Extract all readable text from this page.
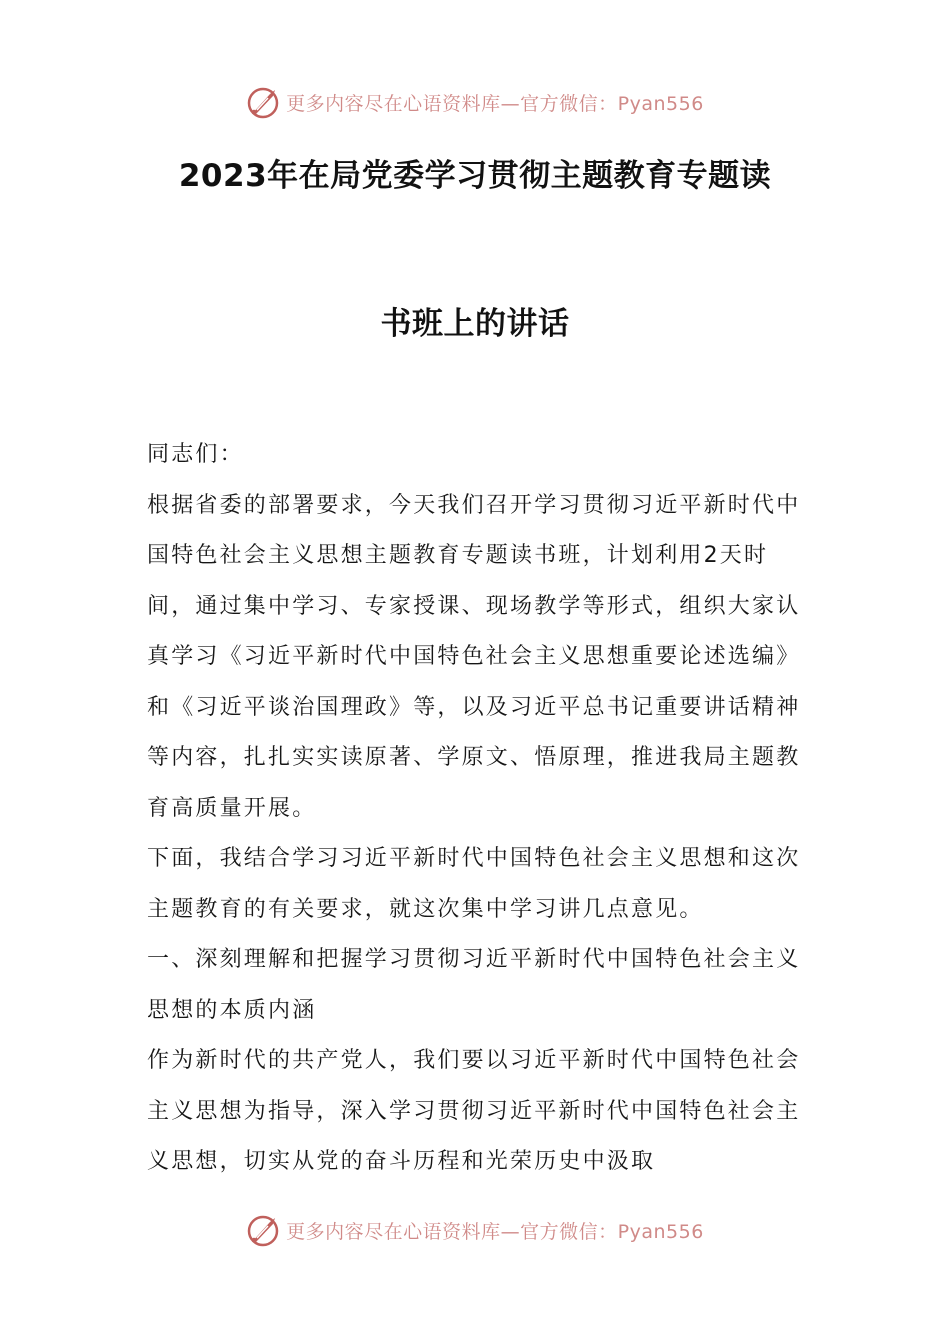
更多内容尽在心语资料库—官方微信：Pyan556
2023年在局党委学习贯彻主题教育专题读
书班上的讲话

同志们：

根据省委的部署要求，今天我们召开学习贯彻习近平新时代中国特色社会主义思想主题教育专题读书班，计划利用2天时间，通过集中学习、专家授课、现场教学等形式，组织大家认真学习《习近平新时代中国特色社会主义思想重要论述选编》和《习近平谈治国理政》等，以及习近平总书记重要讲话精神等内容，扎扎实实读原著、学原文、悟原理，推进我局主题教育高质量开展。

下面，我结合学习习近平新时代中国特色社会主义思想和这次主题教育的有关要求，就这次集中学习讲几点意见。

一、深刻理解和把握学习贯彻习近平新时代中国特色社会主义思想的本质内涵

作为新时代的共产党人，我们要以习近平新时代中国特色社会主义思想为指导，深入学习贯彻习近平新时代中国特色社会主义思想，切实从党的奋斗历程和光荣历史中汲取

更多内容尽在心语资料库—官方微信：Pyan556
